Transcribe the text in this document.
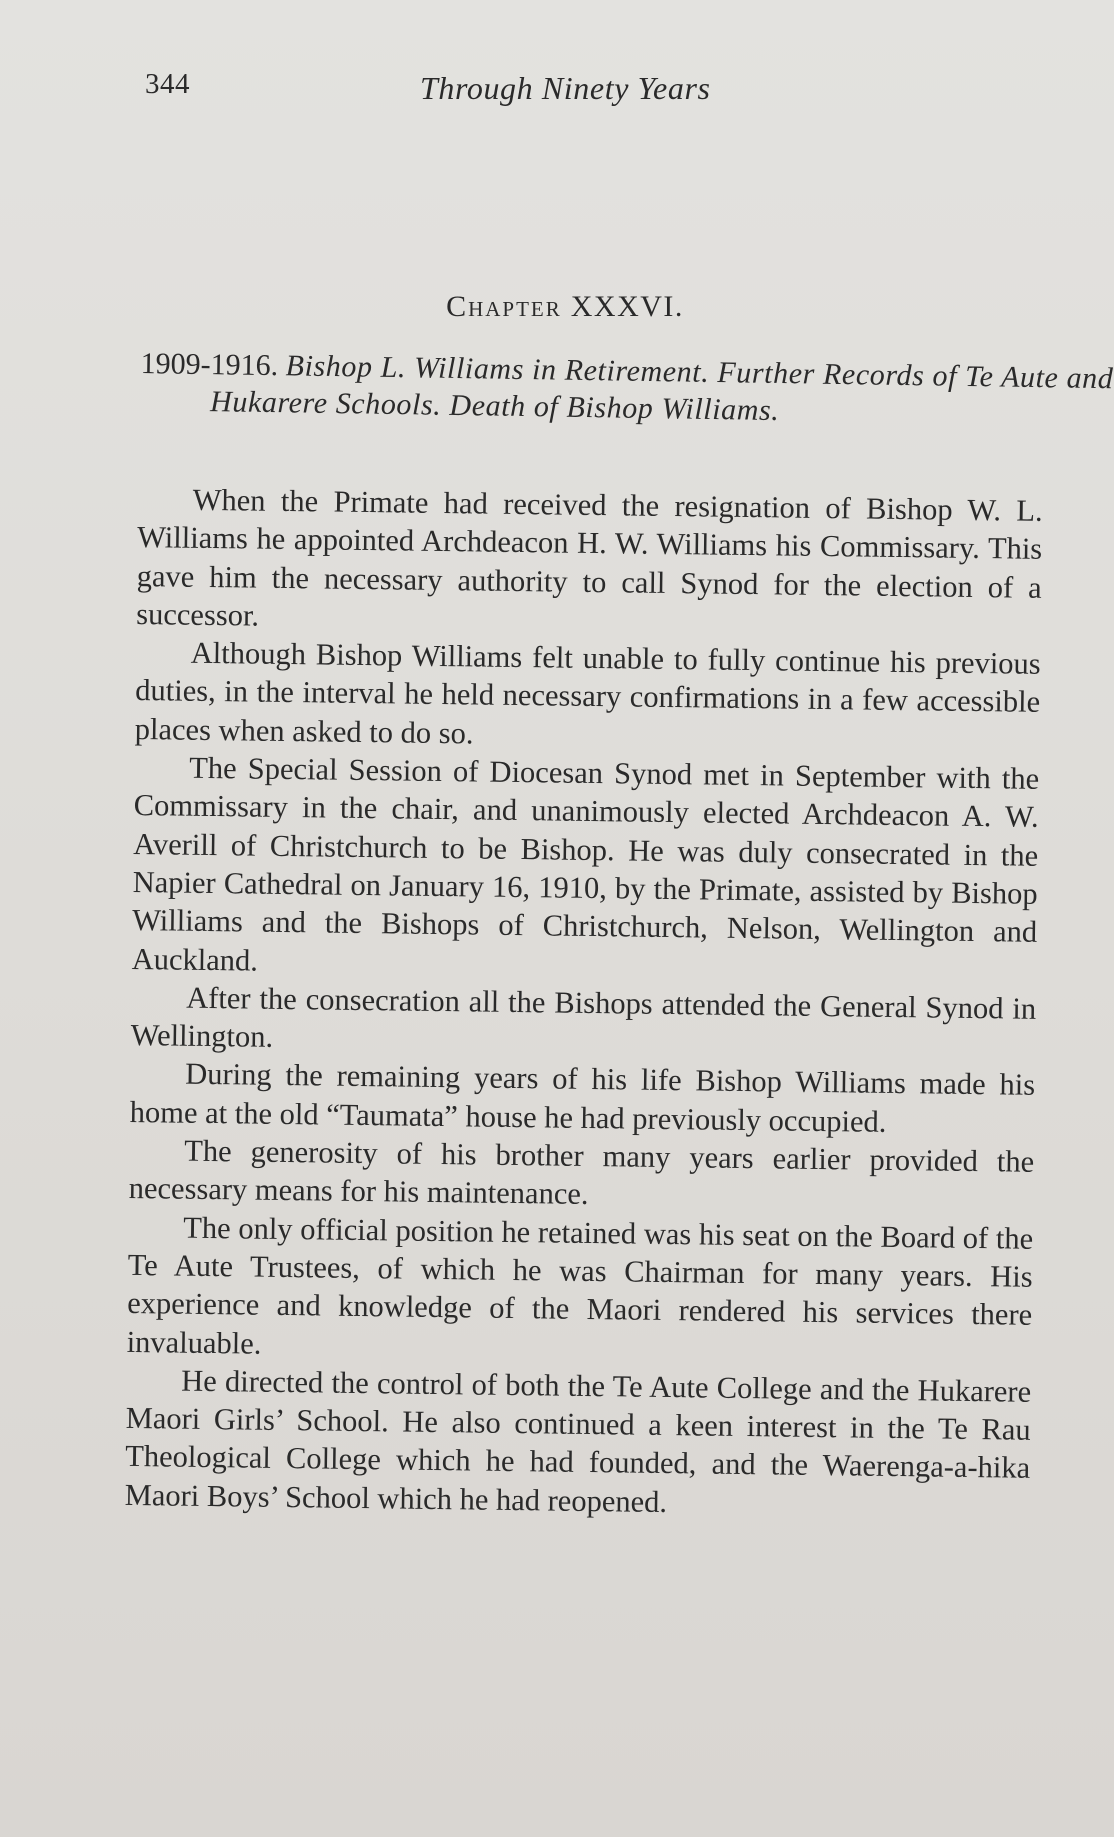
344	Through Ninety Years
Chapter XXXVI.
1909-1916. Bishop L. Williams in Retirement. Further Records of Te Aute and Hukarere Schools. Death of Bishop Williams.

When the Primate had received the resignation of Bishop W. L. Williams he appointed Archdeacon H. W. Williams his Commissary. This gave him the necessary authority to call Synod for the election of a successor.

Although Bishop Williams felt unable to fully continue his previous duties, in the interval he held necessary confirmations in a few accessible places when asked to do so.

The Special Session of Diocesan Synod met in September with the Commissary in the chair, and unanimously elected Archdeacon A. W. Averill of Christchurch to be Bishop. He was duly consecrated in the Napier Cathedral on January 16, 1910, by the Primate, assisted by Bishop Williams and the Bishops of Christchurch, Nelson, Wellington and Auckland.

After the consecration all the Bishops attended the General Synod in Wellington.

During the remaining years of his life Bishop Williams made his home at the old “Taumata” house he had previously occupied.

The generosity of his brother many years earlier provided the necessary means for his maintenance.

The only official position he retained was his seat on the Board of the Te Aute Trustees, of which he was Chairman for many years. His experience and knowledge of the Maori rendered his services there invaluable.

He directed the control of both the Te Aute College and the Hukarere Maori Girls’ School. He also continued a keen interest in the Te Rau Theological College which he had founded, and the Waerenga-a-hika Maori Boys’ School which he had reopened.
